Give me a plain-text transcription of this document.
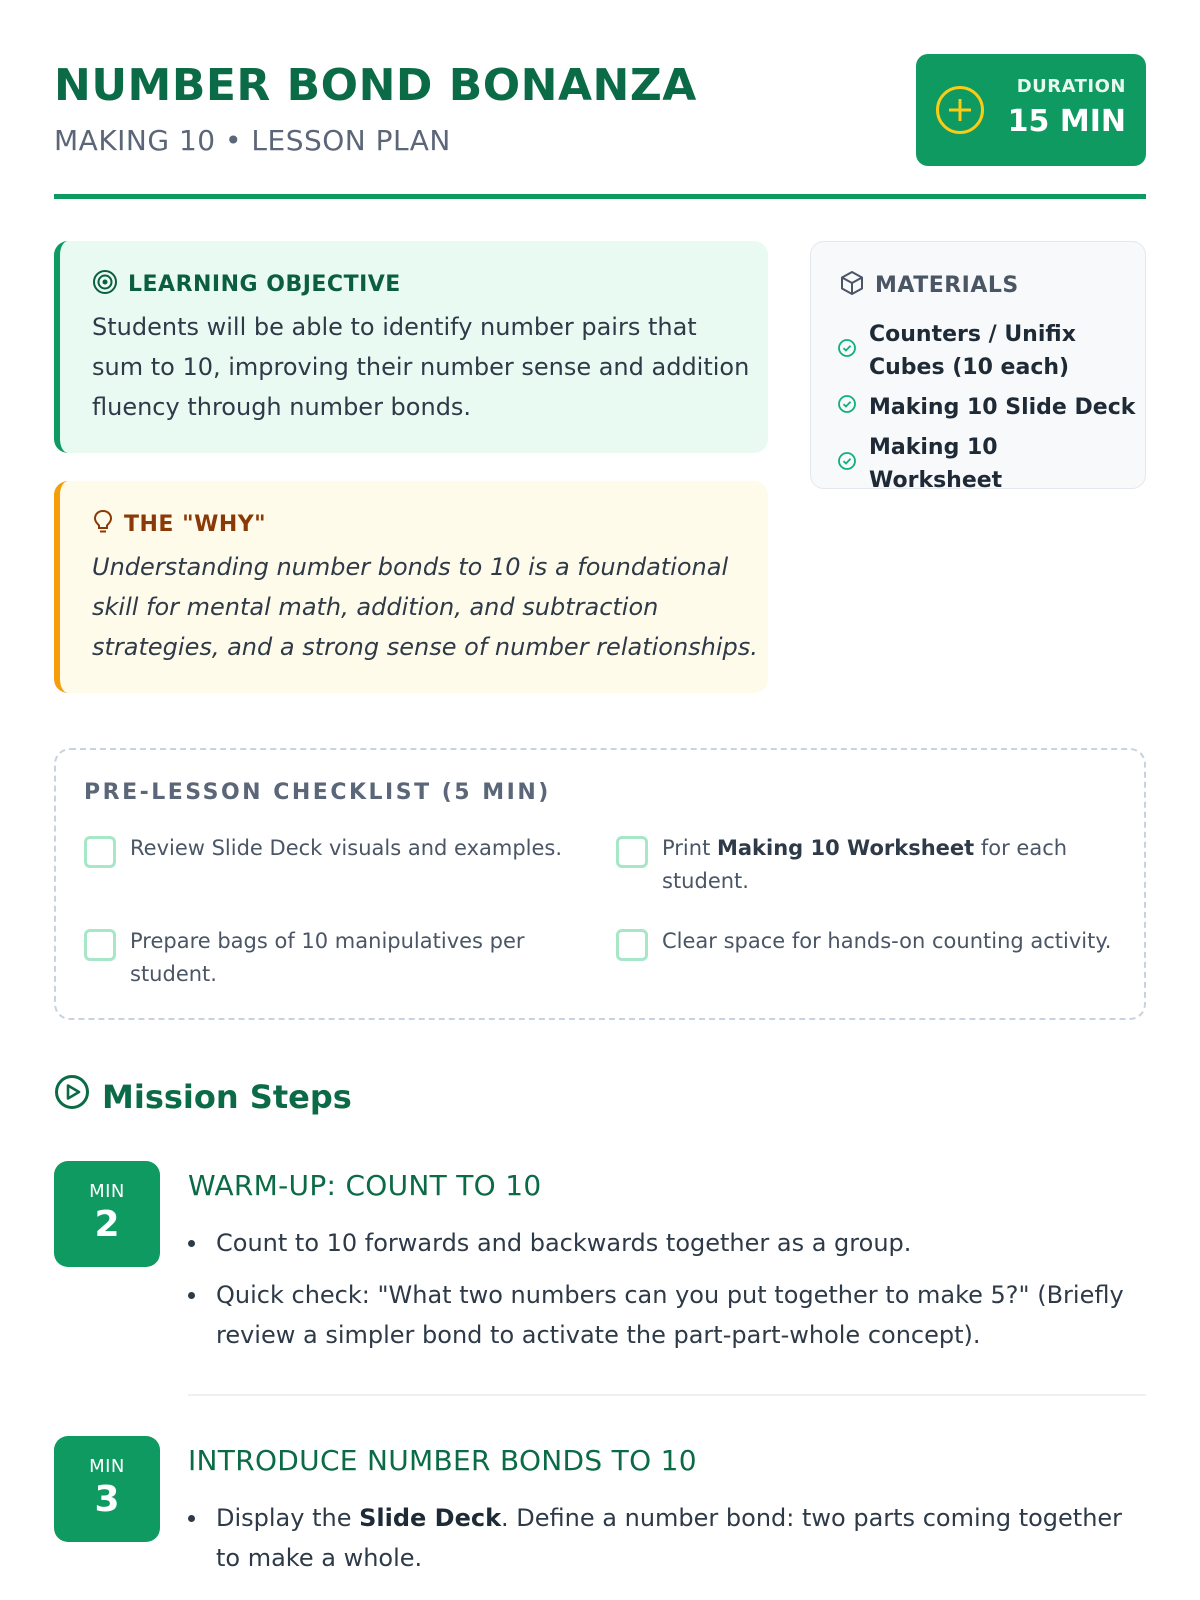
NUMBER BOND BONANZA
MAKING 10 • LESSON PLAN
DURATION
15 MIN
LEARNING OBJECTIVE
Students will be able to identify number pairs that sum to 10, improving their number sense and addition fluency through number bonds.
THE "WHY"
Understanding number bonds to 10 is a foundational skill for mental math, addition, and subtraction strategies, and a strong sense of number relationships.
MATERIALS
Counters / Unifix Cubes (10 each)
Making 10 Slide Deck
Making 10 Worksheet
PRE-LESSON CHECKLIST (5 MIN)
Review Slide Deck visuals and examples.	Print Making 10 Worksheet for each student.
Prepare bags of 10 manipulatives per student.
Clear space for hands-on counting activity.
Mission Steps
MIN
2
WARM-UP: COUNT TO 10
Count to 10 forwards and backwards together as a group.
Quick check: "What two numbers can you put together to make 5?" (Briefly review a simpler bond to activate the part-part-whole concept).
MIN
3
INTRODUCE NUMBER BONDS TO 10
Display the Slide Deck. Define a number bond: two parts coming together to make a whole.
